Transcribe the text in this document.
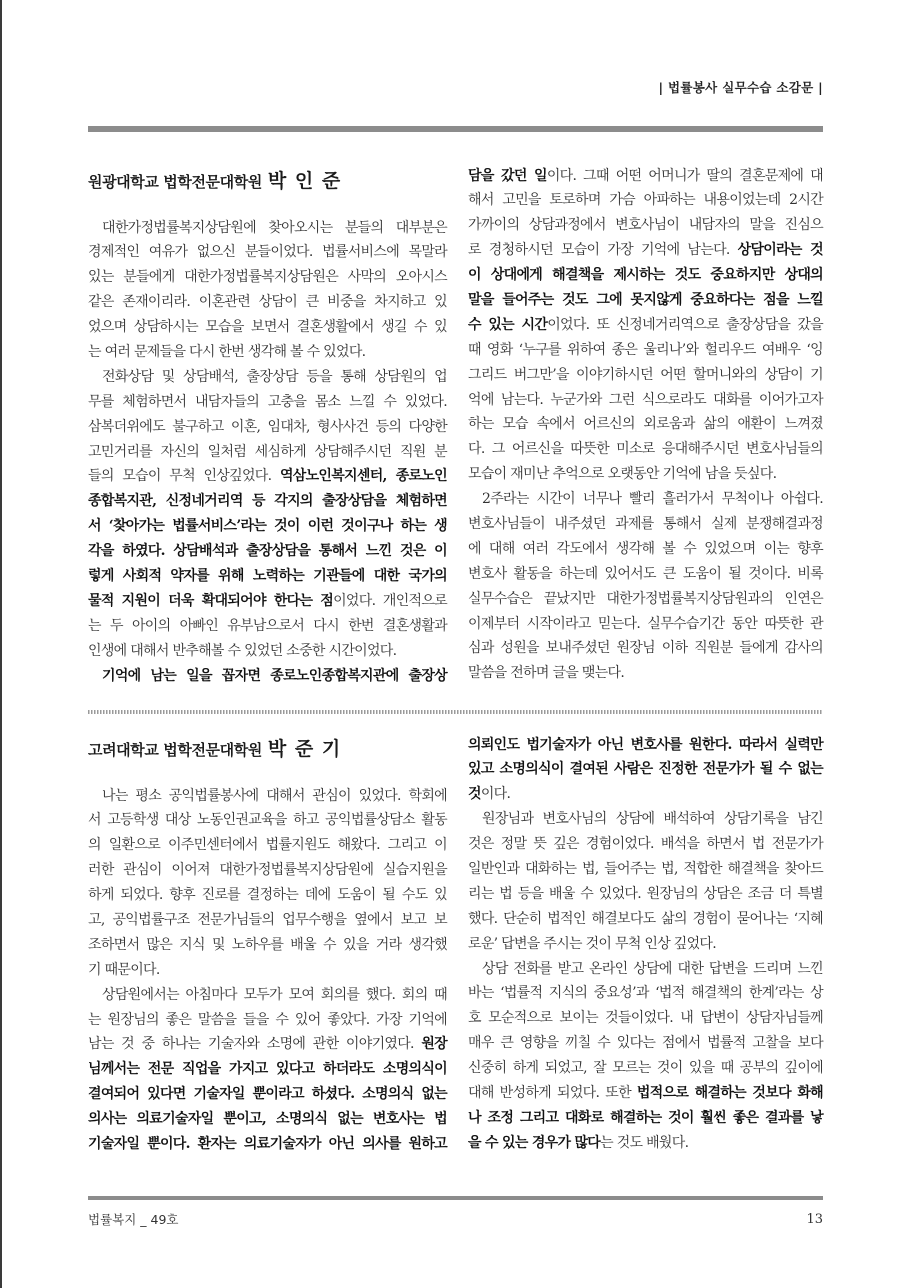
| 법률봉사 실무수습 소감문 |
원광대학교 법학전문대학원 박 인 준
대한가정법률복지상담원에 찾아오시는 분들의 대부분은
경제적인 여유가 없으신 분들이었다. 법률서비스에 목말라
있는 분들에게 대한가정법률복지상담원은 사막의 오아시스
같은 존재이리라. 이혼관련 상담이 큰 비중을 차지하고 있
었으며 상담하시는 모습을 보면서 결혼생활에서 생길 수 있
는 여러 문제들을 다시 한번 생각해 볼 수 있었다.
전화상담 및 상담배석, 출장상담 등을 통해 상담원의 업
무를 체험하면서 내담자들의 고충을 몸소 느낄 수 있었다.
삼복더위에도 불구하고 이혼, 임대차, 형사사건 등의 다양한
고민거리를 자신의 일처럼 세심하게 상담해주시던 직원 분
들의 모습이 무척 인상깊었다. 역삼노인복지센터, 종로노인
종합복지관, 신정네거리역 등 각지의 출장상담을 체험하면
서 ‘찾아가는 법률서비스’라는 것이 이런 것이구나 하는 생
각을 하였다. 상담배석과 출장상담을 통해서 느낀 것은 이
렇게 사회적 약자를 위해 노력하는 기관들에 대한 국가의
물적 지원이 더욱 확대되어야 한다는 점이었다. 개인적으로
는 두 아이의 아빠인 유부남으로서 다시 한번 결혼생활과
인생에 대해서 반추해볼 수 있었던 소중한 시간이었다.
기억에 남는 일을 꼽자면 종로노인종합복지관에 출장상
담을 갔던 일이다. 그때 어떤 어머니가 딸의 결혼문제에 대
해서 고민을 토로하며 가슴 아파하는 내용이었는데 2시간
가까이의 상담과정에서 변호사님이 내담자의 말을 진심으
로 경청하시던 모습이 가장 기억에 남는다. 상담이라는 것
이 상대에게 해결책을 제시하는 것도 중요하지만 상대의
말을 들어주는 것도 그에 못지않게 중요하다는 점을 느낄
수 있는 시간이었다. 또 신정네거리역으로 출장상담을 갔을
때 영화 ‘누구를 위하여 종은 울리나’와 헐리우드 여배우 ‘잉
그리드 버그만’을 이야기하시던 어떤 할머니와의 상담이 기
억에 남는다. 누군가와 그런 식으로라도 대화를 이어가고자
하는 모습 속에서 어르신의 외로움과 삶의 애환이 느껴졌
다. 그 어르신을 따뜻한 미소로 응대해주시던 변호사님들의
모습이 재미난 추억으로 오랫동안 기억에 남을 듯싶다.
2주라는 시간이 너무나 빨리 흘러가서 무척이나 아쉽다.
변호사님들이 내주셨던 과제를 통해서 실제 분쟁해결과정
에 대해 여러 각도에서 생각해 볼 수 있었으며 이는 향후
변호사 활동을 하는데 있어서도 큰 도움이 될 것이다. 비록
실무수습은 끝났지만 대한가정법률복지상담원과의 인연은
이제부터 시작이라고 믿는다. 실무수습기간 동안 따뜻한 관
심과 성원을 보내주셨던 원장님 이하 직원분 들에게 감사의
말씀을 전하며 글을 맺는다.
고려대학교 법학전문대학원 박 준 기
나는 평소 공익법률봉사에 대해서 관심이 있었다. 학회에
서 고등학생 대상 노동인권교육을 하고 공익법률상담소 활동
의 일환으로 이주민센터에서 법률지원도 해왔다. 그리고 이
러한 관심이 이어져 대한가정법률복지상담원에 실습지원을
하게 되었다. 향후 진로를 결정하는 데에 도움이 될 수도 있
고, 공익법률구조 전문가님들의 업무수행을 옆에서 보고 보
조하면서 많은 지식 및 노하우를 배울 수 있을 거라 생각했
기 때문이다.
상담원에서는 아침마다 모두가 모여 회의를 했다. 회의 때
는 원장님의 좋은 말씀을 들을 수 있어 좋았다. 가장 기억에
남는 것 중 하나는 기술자와 소명에 관한 이야기였다. 원장
님께서는 전문 직업을 가지고 있다고 하더라도 소명의식이
결여되어 있다면 기술자일 뿐이라고 하셨다. 소명의식 없는
의사는 의료기술자일 뿐이고, 소명의식 없는 변호사는 법
기술자일 뿐이다. 환자는 의료기술자가 아닌 의사를 원하고
의뢰인도 법기술자가 아닌 변호사를 원한다. 따라서 실력만
있고 소명의식이 결여된 사람은 진정한 전문가가 될 수 없는
것이다.
원장님과 변호사님의 상담에 배석하여 상담기록을 남긴
것은 정말 뜻 깊은 경험이었다. 배석을 하면서 법 전문가가
일반인과 대화하는 법, 들어주는 법, 적합한 해결책을 찾아드
리는 법 등을 배울 수 있었다. 원장님의 상담은 조금 더 특별
했다. 단순히 법적인 해결보다도 삶의 경험이 묻어나는 ‘지혜
로운’ 답변을 주시는 것이 무척 인상 깊었다.
상담 전화를 받고 온라인 상담에 대한 답변을 드리며 느낀
바는 ‘법률적 지식의 중요성’과 ‘법적 해결책의 한계’라는 상
호 모순적으로 보이는 것들이었다. 내 답변이 상담자님들께
매우 큰 영향을 끼칠 수 있다는 점에서 법률적 고찰을 보다
신중히 하게 되었고, 잘 모르는 것이 있을 때 공부의 깊이에
대해 반성하게 되었다. 또한 법적으로 해결하는 것보다 화해
나 조정 그리고 대화로 해결하는 것이 훨씬 좋은 결과를 낳
을 수 있는 경우가 많다는 것도 배웠다.
법률복지 _ 49호	13
